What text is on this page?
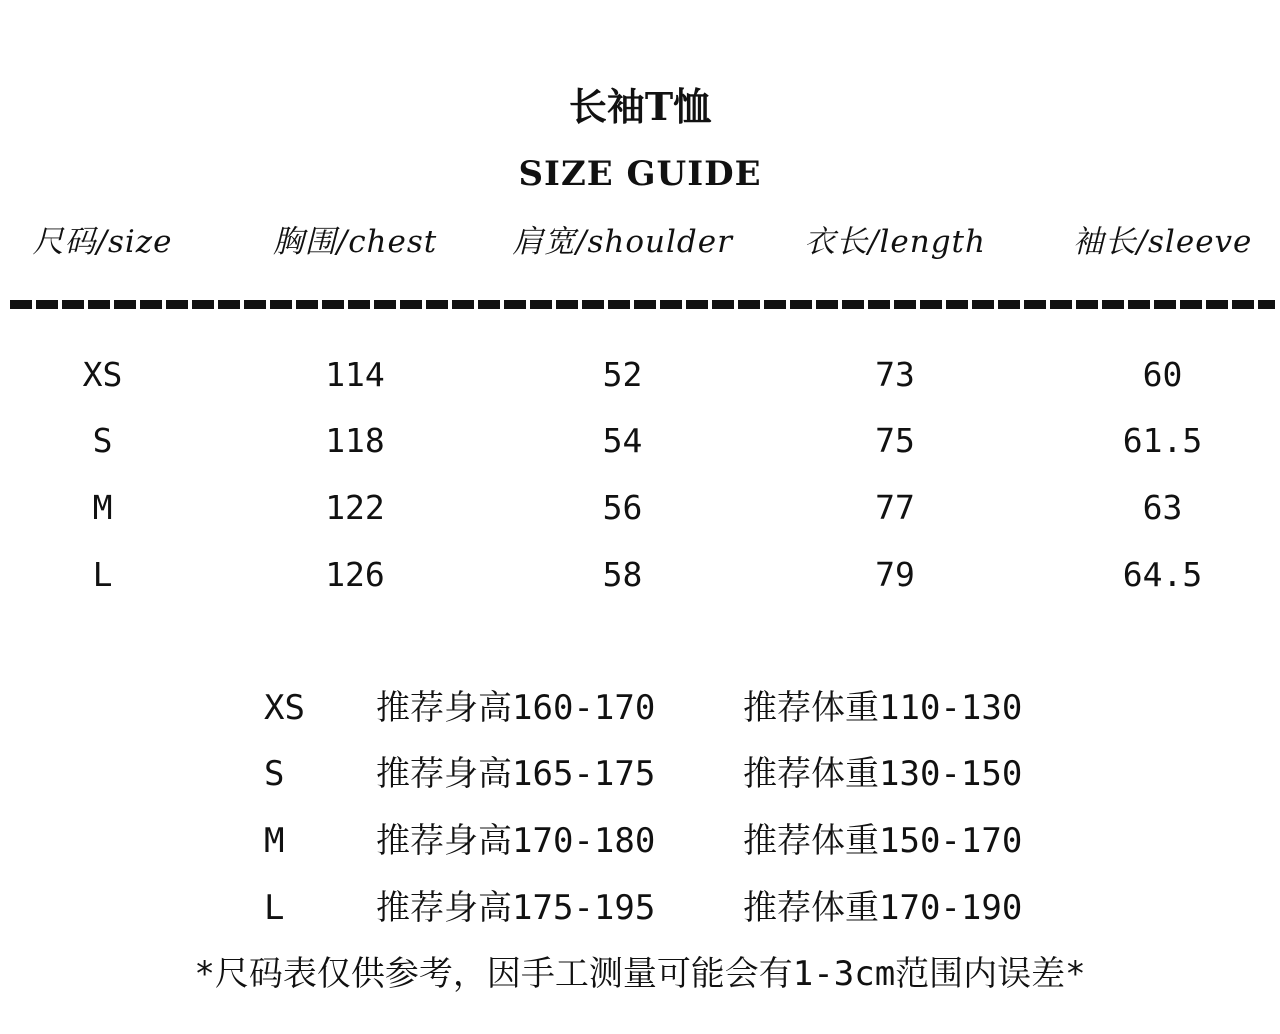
长袖T恤
SIZE GUIDE
尺码/size	胸围/chest	肩宽/shoulder	衣长/length	袖长/sleeve
XS	114	52	73	60
S	118	54	75	61.5
M	122	56	77	63
L	126	58	79	64.5
XS	推荐身高160-170	推荐体重110-130
S	推荐身高165-175	推荐体重130-150
M	推荐身高170-180	推荐体重150-170
L	推荐身高175-195	推荐体重170-190
*尺码表仅供参考，因手工测量可能会有1-3cm范围内误差*
